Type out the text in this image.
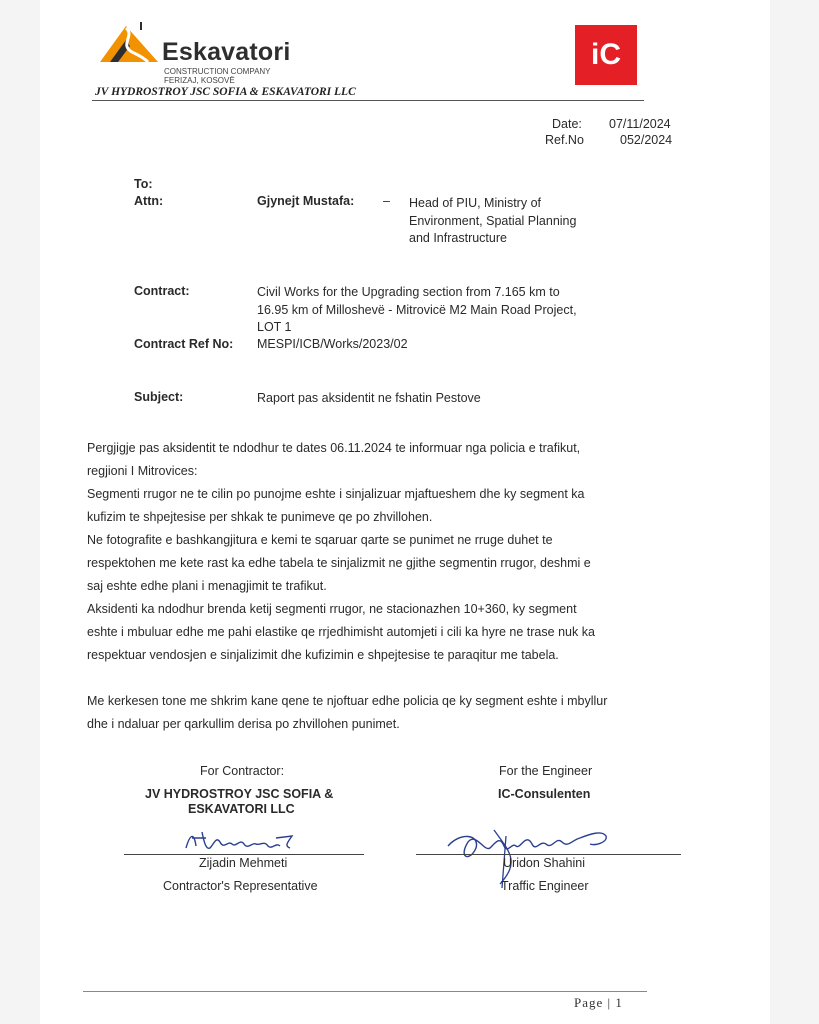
Eskavatori
CONSTRUCTION COMPANY
FERIZAJ, KOSOVË
JV HYDROSTROY JSC SOFIA & ESKAVATORI LLC
iC
Date: 07/11/2024
Ref.No	052/2024
To:
Attn:	Gjynejt Mustafa: – Head of PIU, Ministry of
Environment, Spatial Planning
and Infrastructure
Contract:	Civil Works for the Upgrading section from 7.165 km to
16.95 km of Milloshevë - Mitrovicë M2 Main Road Project,
LOT 1
Contract Ref No: MESPI/ICB/Works/2023/02
Subject:	Raport pas aksidentit ne fshatin Pestove
Pergjigje pas aksidentit te ndodhur te dates 06.11.2024 te informuar nga policia e trafikut,
regjioni I Mitrovices:
Segmenti rrugor ne te cilin po punojme eshte i sinjalizuar mjaftueshem dhe ky segment ka
kufizim te shpejtesise per shkak te punimeve qe po zhvillohen.
Ne fotografite e bashkangjitura e kemi te sqaruar qarte se punimet ne rruge duhet te
respektohen me kete rast ka edhe tabela te sinjalizmit ne gjithe segmentin rrugor, deshmi e
saj eshte edhe plani i menagjimit te trafikut.
Aksidenti ka ndodhur brenda ketij segmenti rrugor, ne stacionazhen 10+360, ky segment
eshte i mbuluar edhe me pahi elastike qe rrjedhimisht automjeti i cili ka hyre ne trase nuk ka
respektuar vendosjen e sinjalizimit dhe kufizimin e shpejtesise te paraqitur me tabela.
Me kerkesen tone me shkrim kane qene te njoftuar edhe policia qe ky segment eshte i mbyllur
dhe i ndaluar per qarkullim derisa po zhvillohen punimet.
For Contractor:
JV HYDROSTROY JSC SOFIA &
ESKAVATORI LLC
Zijadin Mehmeti
Contractor's Representative
For the Engineer
IC-Consulenten
Uridon Shahini
Traffic Engineer
Page | 1
